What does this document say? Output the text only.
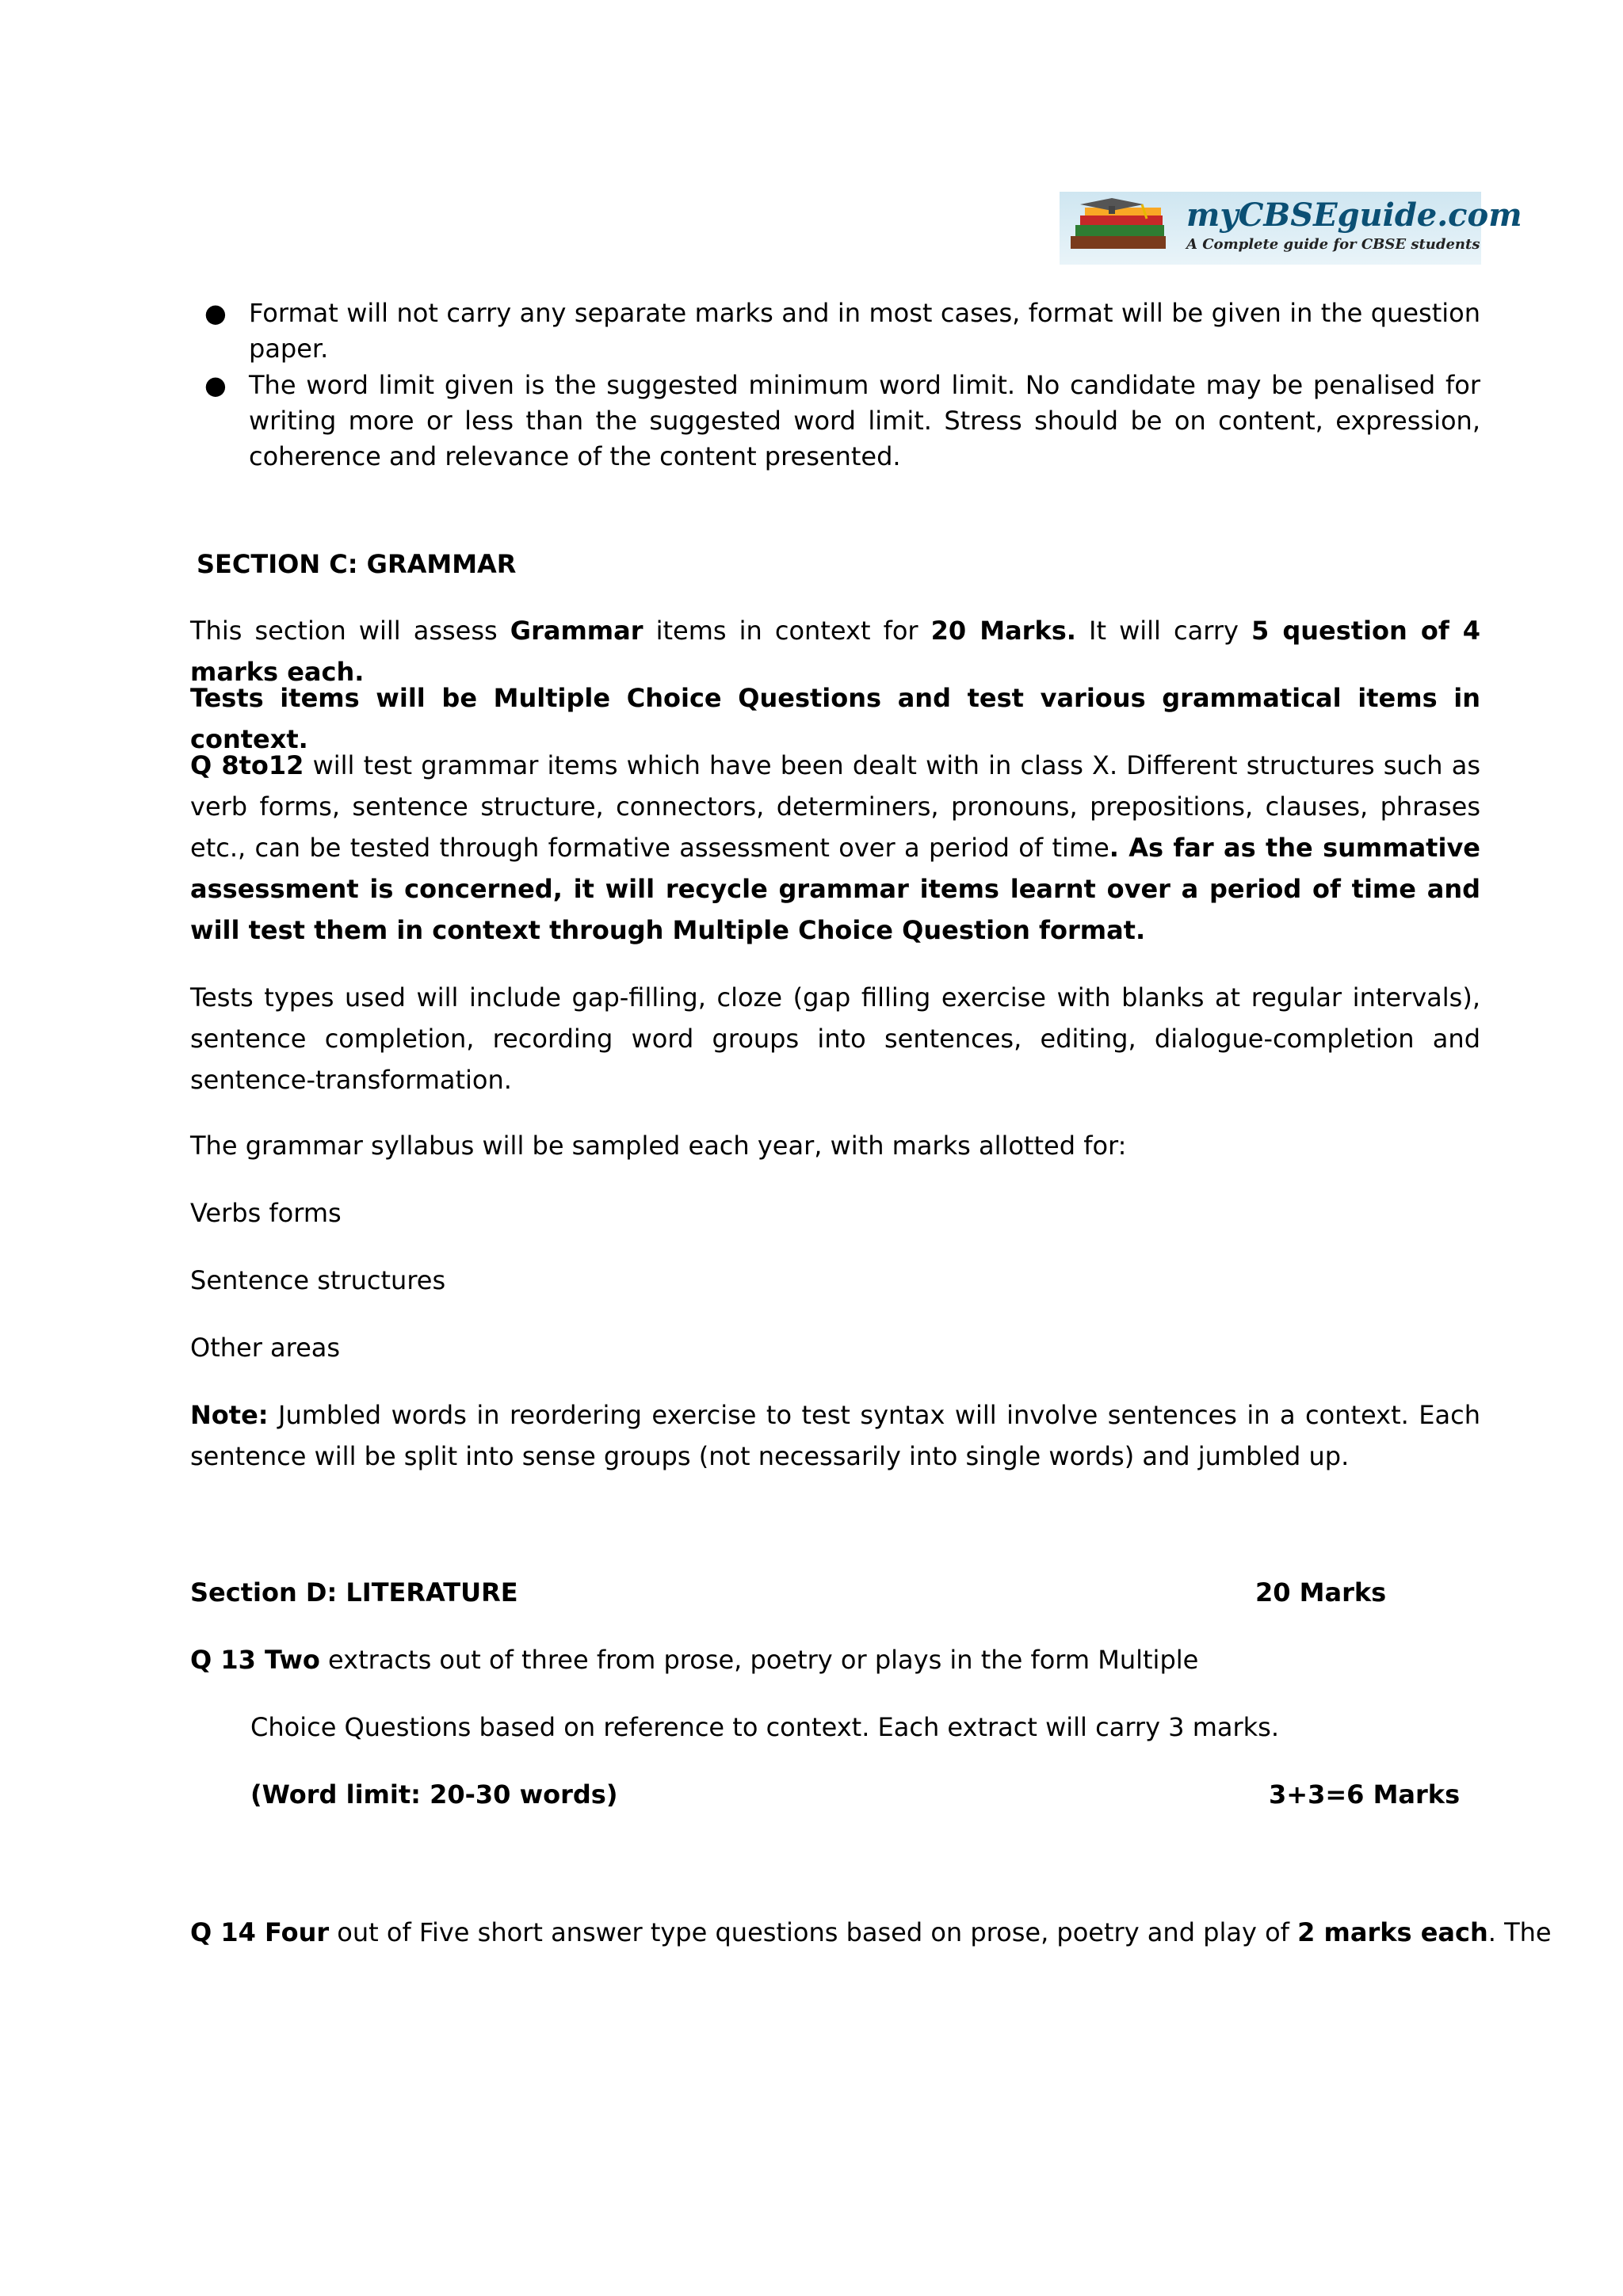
myCBSEguide.com
A Complete guide for CBSE students
● Format will not carry any separate marks and in most cases, format will be given in the question paper.
● The word limit given is the suggested minimum word limit. No candidate may be penalised for writing more or less than the suggested word limit. Stress should be on content, expression, coherence and relevance of the content presented.
SECTION C: GRAMMAR
This section will assess Grammar items in context for 20 Marks. It will carry 5 question of 4 marks each.
Tests items will be Multiple Choice Questions and test various grammatical items in context.
Q 8to12 will test grammar items which have been dealt with in class X. Different structures such as verb forms, sentence structure, connectors, determiners, pronouns, prepositions, clauses, phrases etc., can be tested through formative assessment over a period of time. As far as the summative assessment is concerned, it will recycle grammar items learnt over a period of time and will test them in context through Multiple Choice Question format.
Tests types used will include gap-filling, cloze (gap filling exercise with blanks at regular intervals), sentence completion, recording word groups into sentences, editing, dialogue-completion and sentence-transformation.
The grammar syllabus will be sampled each year, with marks allotted for:
Verbs forms
Sentence structures
Other areas
Note: Jumbled words in reordering exercise to test syntax will involve sentences in a context. Each sentence will be split into sense groups (not necessarily into single words) and jumbled up.
Section D: LITERATURE	20 Marks
Q 13 Two extracts out of three from prose, poetry or plays in the form Multiple
Choice Questions based on reference to context. Each extract will carry 3 marks.
(Word limit: 20-30 words)	3+3=6 Marks
Q 14 Four out of Five short answer type questions based on prose, poetry and play of 2 marks each. The
